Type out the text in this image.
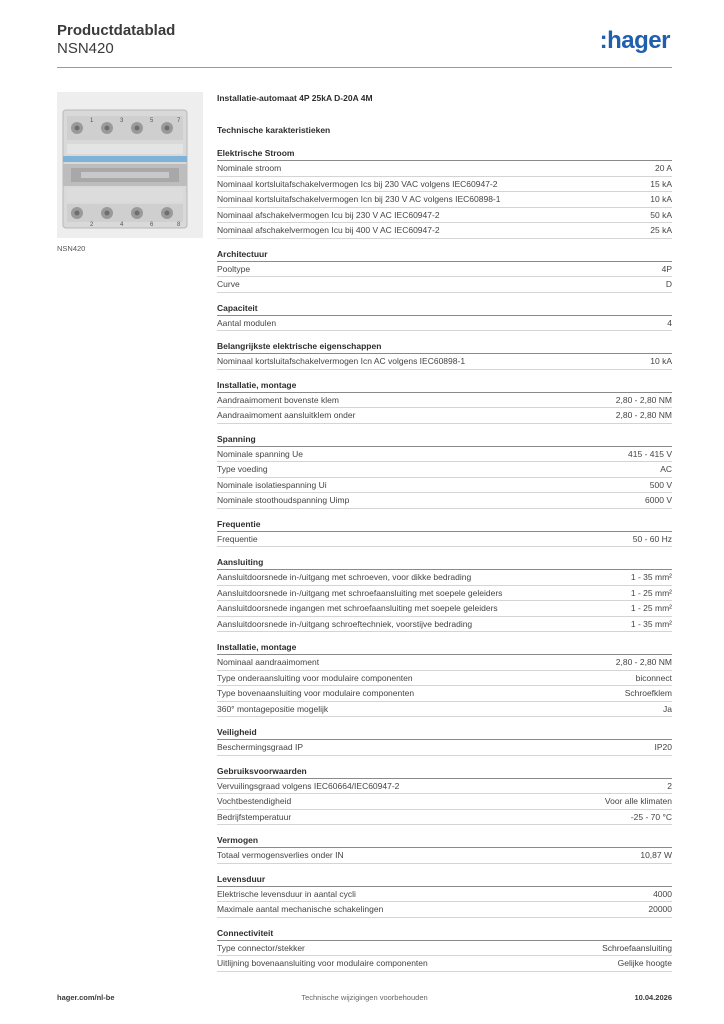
Productdatablad
NSN420	:hager
1	3	5	7
2	4	6	8
NSN420
Installatie-automaat 4P 25kA D-20A 4M
Technische karakteristieken
Elektrische Stroom
Nominale stroom	20 A
Nominaal kortsluitafschakelvermogen Ics bij 230 VAC volgens IEC60947-2	15 kA
Nominaal kortsluitafschakelvermogen Icn bij 230 V AC volgens IEC60898-1	10 kA
Nominaal afschakelvermogen Icu bij 230 V AC IEC60947-2	50 kA
Nominaal afschakelvermogen Icu bij 400 V AC IEC60947-2	25 kA
Architectuur
Pooltype	4P
Curve	D
Capaciteit
Aantal modulen	4
Belangrijkste elektrische eigenschappen
Nominaal kortsluitafschakelvermogen Icn AC volgens IEC60898-1	10 kA
Installatie, montage
Aandraaimoment bovenste klem	2,80 - 2,80 NM
Aandraaimoment aansluitklem onder	2,80 - 2,80 NM
Spanning
Nominale spanning Ue	415 - 415 V
Type voeding	AC
Nominale isolatiespanning Ui	500 V
Nominale stoothoudspanning Uimp	6000 V
Frequentie
Frequentie	50 - 60 Hz
Aansluiting
Aansluitdoorsnede in-/uitgang met schroeven, voor dikke bedrading	1 - 35 mm²
Aansluitdoorsnede in-/uitgang met schroefaansluiting met soepele geleiders	1 - 25 mm²
Aansluitdoorsnede ingangen met schroefaansluiting met soepele geleiders	1 - 25 mm²
Aansluitdoorsnede in-/uitgang schroeftechniek, voorstijve bedrading	1 - 35 mm²
Installatie, montage
Nominaal aandraaimoment	2,80 - 2,80 NM
Type onderaansluiting voor modulaire componenten	biconnect
Type bovenaansluiting voor modulaire componenten	Schroefklem
360° montagepositie mogelijk	Ja
Veiligheid
Beschermingsgraad IP	IP20
Gebruiksvoorwaarden
Vervuilingsgraad volgens IEC60664/IEC60947-2	2
Vochtbestendigheid	Voor alle klimaten
Bedrijfstemperatuur	-25 - 70 °C
Vermogen
Totaal vermogensverlies onder IN	10,87 W
Levensduur
Elektrische levensduur in aantal cycli	4000
Maximale aantal mechanische schakelingen	20000
Connectiviteit
Type connector/stekker	Schroefaansluiting
Uitlijning bovenaansluiting voor modulaire componenten	Gelijke hoogte
hager.com/nl-be	Technische wijzigingen voorbehouden	10.04.2026
